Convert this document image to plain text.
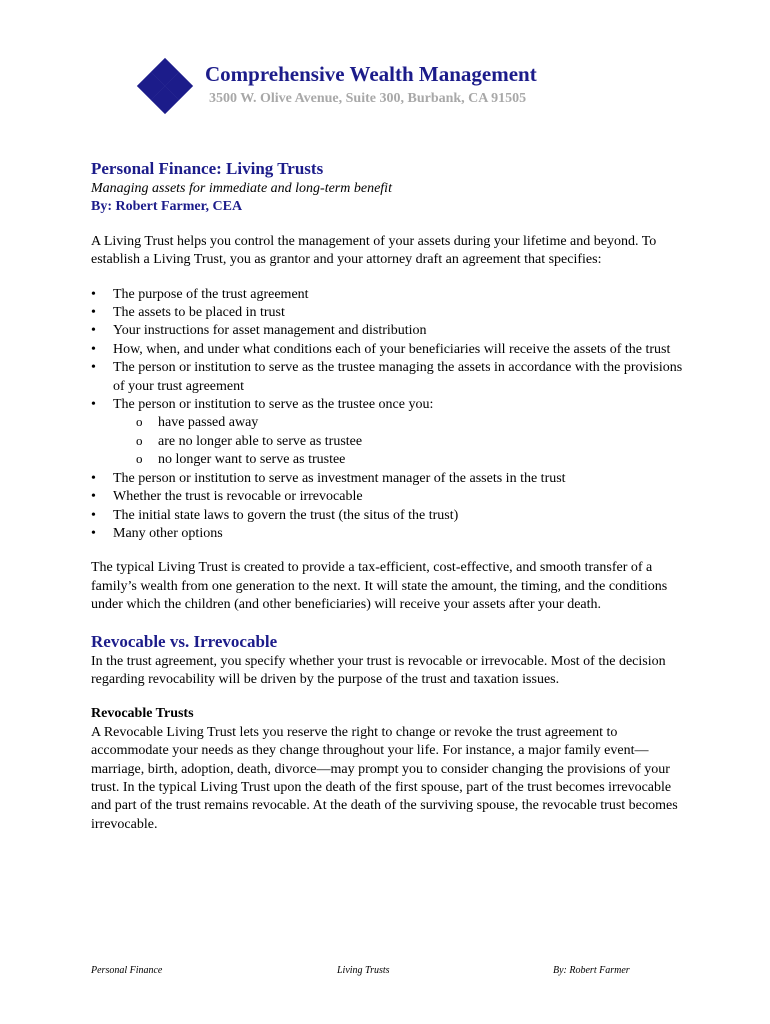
Comprehensive Wealth Management
3500 W. Olive Avenue, Suite 300, Burbank, CA 91505

Personal Finance: Living Trusts

Managing assets for immediate and long-term benefit

By: Robert Farmer, CEA

A Living Trust helps you control the management of your assets during your lifetime and beyond. To establish a Living Trust, you as grantor and your attorney draft an agreement that specifies:

• The purpose of the trust agreement
• The assets to be placed in trust
• Your instructions for asset management and distribution
• How, when, and under what conditions each of your beneficiaries will receive the assets of the trust
• The person or institution to serve as the trustee managing the assets in accordance with the provisions of your trust agreement
• The person or institution to serve as the trustee once you:
o have passed away
o are no longer able to serve as trustee
o no longer want to serve as trustee
• The person or institution to serve as investment manager of the assets in the trust
• Whether the trust is revocable or irrevocable
• The initial state laws to govern the trust (the situs of the trust)
• Many other options

The typical Living Trust is created to provide a tax-efficient, cost-effective, and smooth transfer of a family’s wealth from one generation to the next. It will state the amount, the timing, and the conditions under which the children (and other beneficiaries) will receive your assets after your death.

Revocable vs. Irrevocable

In the trust agreement, you specify whether your trust is revocable or irrevocable. Most of the decision regarding revocability will be driven by the purpose of the trust and taxation issues.

Revocable Trusts

A Revocable Living Trust lets you reserve the right to change or revoke the trust agreement to accommodate your needs as they change throughout your life. For instance, a major family event—marriage, birth, adoption, death, divorce—may prompt you to consider changing the provisions of your trust. In the typical Living Trust upon the death of the first spouse, part of the trust becomes irrevocable and part of the trust remains revocable. At the death of the surviving spouse, the revocable trust becomes irrevocable.

Personal Finance	Living Trusts	By: Robert Farmer
